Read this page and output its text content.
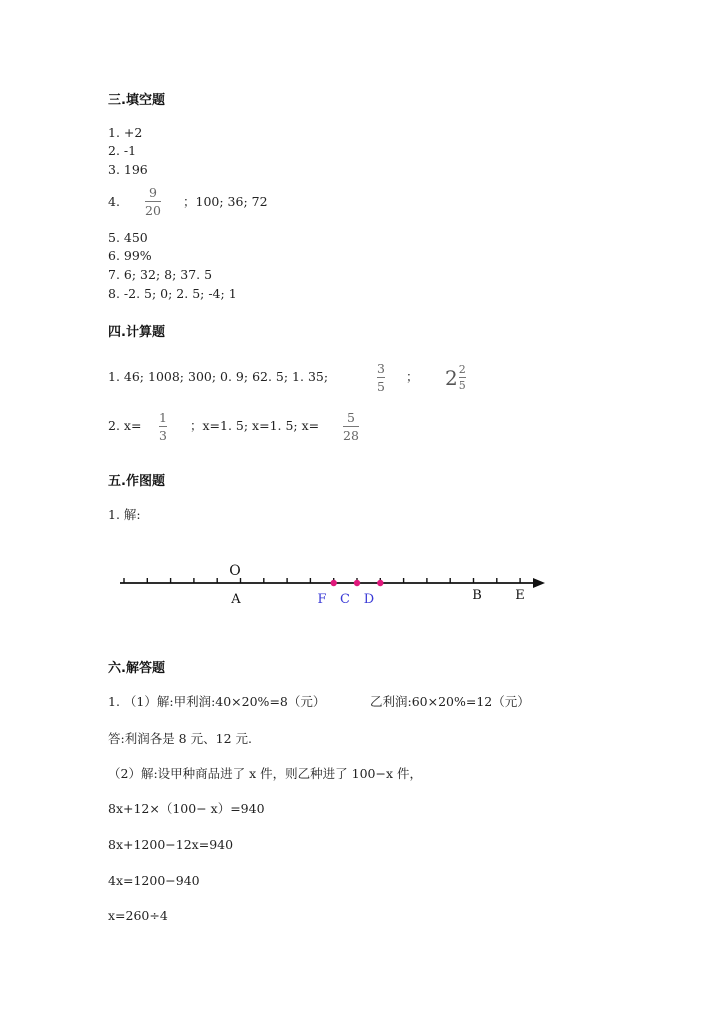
三.填空题
1. +2
2. -1
3. 196
4.
9
20
；100; 36; 72
5. 450
6. 99%
7. 6; 32; 8; 37. 5
8. -2. 5; 0; 2. 5; -4; 1
四.计算题
1. 46; 1008; 300; 0. 9; 62. 5; 1. 35;
3
5
； $2 \frac{2}{5}$
2. x=
1
3
；x=1. 5; x=1. 5; x=
5
28
五.作图题
1. 解:
O
A	F C D	B	E
六.解答题
1. （1）解:甲利润:40×20%=8（元）	乙利润:60×20%=12（元）
答:利润各是 8 元、12 元.
（2）解:设甲种商品进了 x 件，则乙种进了 100−x 件，
8x+12×（100− x）=940
8x+1200−12x=940
4x=1200−940
x=260÷4
